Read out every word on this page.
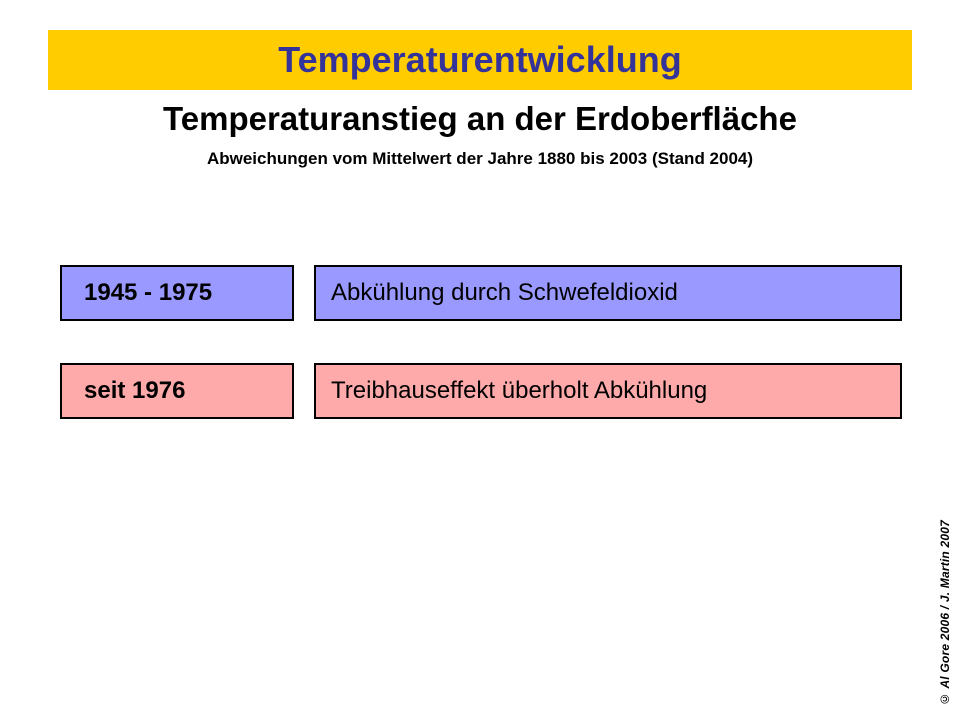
Temperaturentwicklung
Temperaturanstieg an der Erdoberfläche
Abweichungen vom Mittelwert der Jahre 1880 bis 2003 (Stand 2004)
1945 - 1975	Abkühlung durch Schwefeldioxid
seit 1976	Treibhauseffekt überholt Abkühlung
© Al Gore 2006 / J. Martin 2007
